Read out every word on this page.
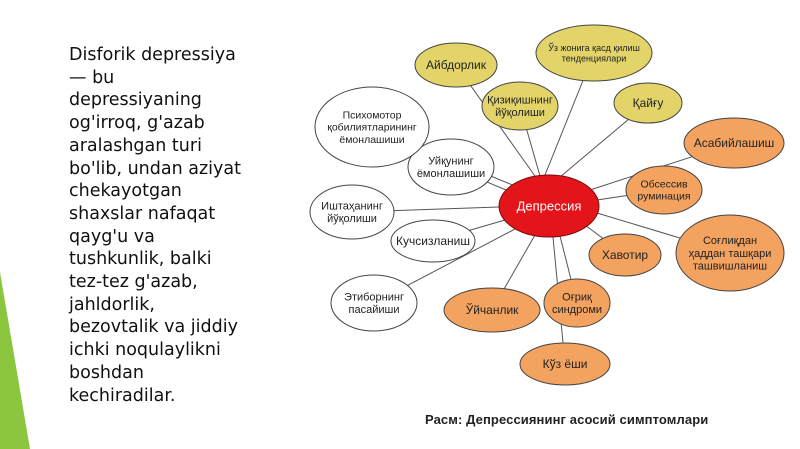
Disforik depressiya
— bu
depressiyaning
og'irroq, g'azab
aralashgan turi
bo'lib, undan aziyat
chekayotgan
shaxslar nafaqat
qayg'u va
tushkunlik, balki
tez-tez g'azab,
jahldorlik,
bezovtalik va jiddiy
ichki noqulaylikni
boshdan
kechiradilar.
Айбдорлик
Ўз жонига қасд қилиш
тенденциялари
Қизиқишнинг
йўқолиши
Қайғу
Асабийлашиш
Обсессив
руминация
Соғлиқдан
ҳаддан ташқари
ташвишланиш
Хавотир
Оғриқ
синдроми
Кўз ёши
Ўйчанлик
Этиборнинг
пасайиши
Кучсизланиш
Иштаҳанинг
йўқолиши
Уйқунинг
ёмонлашиши
Психомотор
қобилиятларининг
ёмонлашиши
Депрессия
Расм: Депрессиянинг асосий симптомлари
